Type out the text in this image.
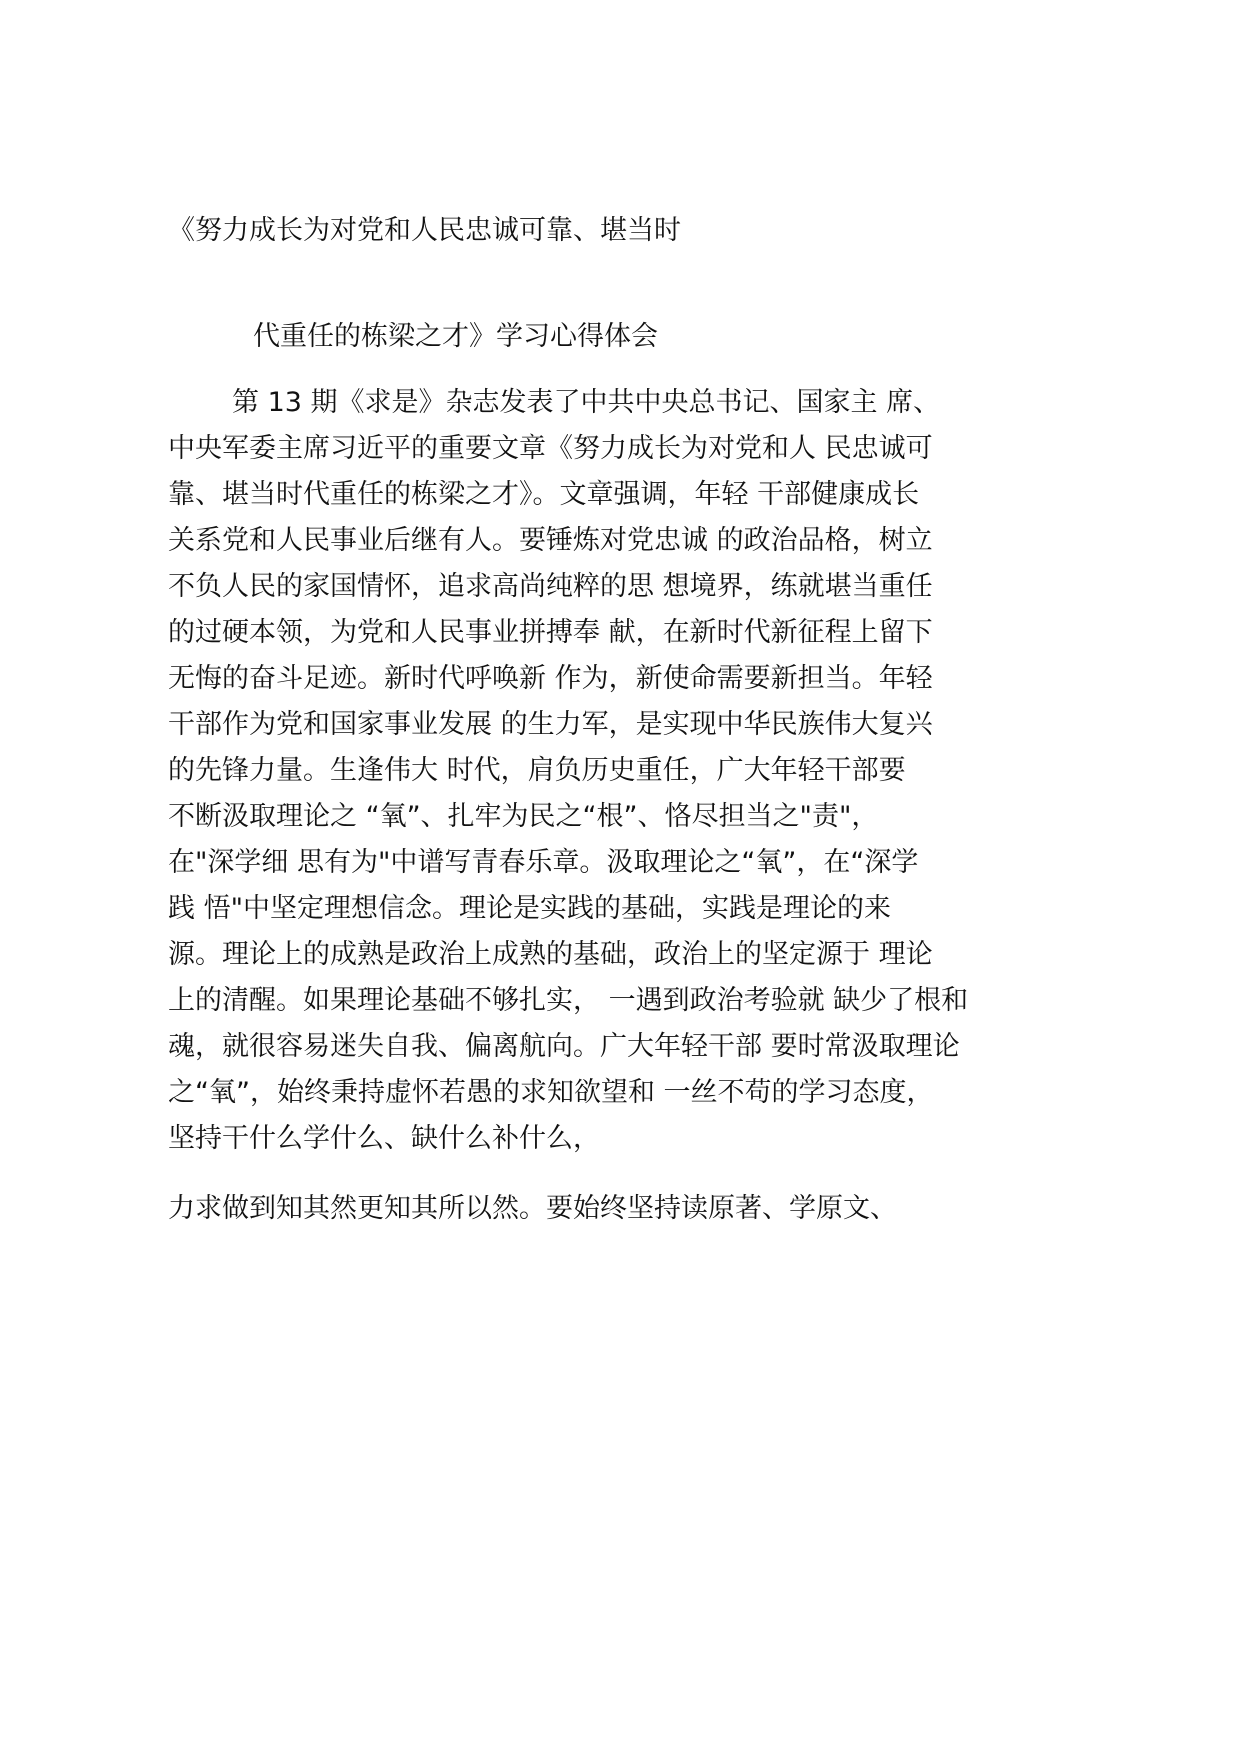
《努力成长为对党和人民忠诚可靠、堪当时
代重任的栋梁之才》学习心得体会
第 13 期《求是》杂志发表了中共中央总书记、国家主 席、
中央军委主席习近平的重要文章《努力成长为对党和人 民忠诚可
靠、堪当时代重任的栋梁之才》。文章强调，年轻 干部健康成长
关系党和人民事业后继有人。要锤炼对党忠诚 的政治品格，树立
不负人民的家国情怀，追求高尚纯粹的思 想境界，练就堪当重任
的过硬本领，为党和人民事业拼搏奉 献，在新时代新征程上留下
无悔的奋斗足迹。新时代呼唤新 作为，新使命需要新担当。年轻
干部作为党和国家事业发展 的生力军，是实现中华民族伟大复兴
的先锋力量。生逢伟大 时代，肩负历史重任，广大年轻干部要
不断汲取理论之 “氧”、扎牢为民之“根”、恪尽担当之"责"，
在"深学细 思有为"中谱写青春乐章。汲取理论之“氧”，在“深学
践 悟"中坚定理想信念。理论是实践的基础，实践是理论的来
源。理论上的成熟是政治上成熟的基础，政治上的坚定源于 理论
上的清醒。如果理论基础不够扎实， 一遇到政治考验就 缺少了根和
魂，就很容易迷失自我、偏离航向。广大年轻干部 要时常汲取理论
之“氧”，始终秉持虚怀若愚的求知欲望和 一丝不苟的学习态度，
坚持干什么学什么、缺什么补什么，
力求做到知其然更知其所以然。要始终坚持读原著、学原文、
